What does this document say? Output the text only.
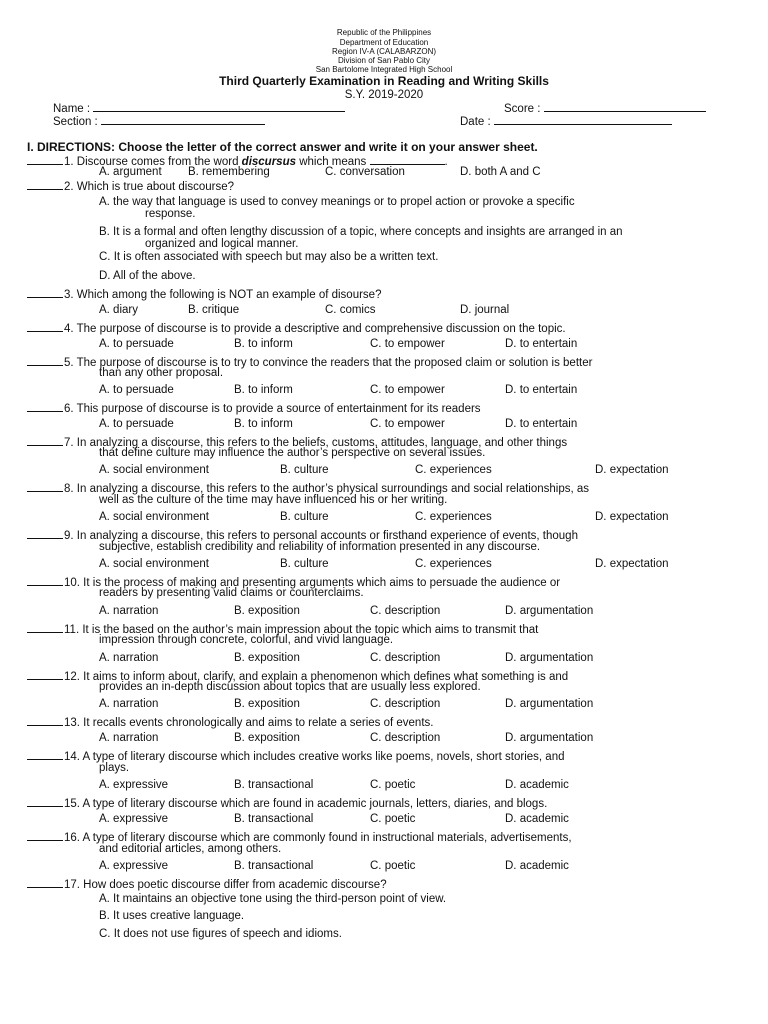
Republic of the Philippines
Department of Education
Region IV-A (CALABARZON)
Division of San Pablo City
San Bartolome Integrated High School
Third Quarterly Examination in Reading and Writing Skills
S.Y. 2019-2020
Name :	Score :
Section :	Date :
I. DIRECTIONS: Choose the letter of the correct answer and write it on your answer sheet.
1. Discourse comes from the word discursus which means	.
A. argument B. remembering	C. conversation	D. both A and C
2. Which is true about discourse?
A. the way that language is used to convey meanings or to propel action or provoke a specific
response.
B. It is a formal and often lengthy discussion of a topic, where concepts and insights are arranged in an
organized and logical manner.
C. It is often associated with speech but may also be a written text.
D. All of the above.
3. Which among the following is NOT an example of disourse?
A. diary	B. critique	C. comics	D. journal
4. The purpose of discourse is to provide a descriptive and comprehensive discussion on the topic.
A. to persuade	B. to inform	C. to empower	D. to entertain
5. The purpose of discourse is to try to convince the readers that the proposed claim or solution is better
than any other proposal.
A. to persuade	B. to inform	C. to empower	D. to entertain
6. This purpose of discourse is to provide a source of entertainment for its readers
A. to persuade	B. to inform	C. to empower	D. to entertain
7. In analyzing a discourse, this refers to the beliefs, customs, attitudes, language, and other things
that define culture may influence the author’s perspective on several issues.
A. social environment	B. culture	C. experiences	D. expectation
8. In analyzing a discourse, this refers to the author’s physical surroundings and social relationships, as
well as the culture of the time may have influenced his or her writing.
A. social environment	B. culture	C. experiences	D. expectation
9. In analyzing a discourse, this refers to personal accounts or firsthand experience of events, though
subjective, establish credibility and reliability of information presented in any discourse.
A. social environment	B. culture	C. experiences	D. expectation
10. It is the process of making and presenting arguments which aims to persuade the audience or
readers by presenting valid claims or counterclaims.
A. narration	B. exposition	C. description	D. argumentation
11. It is the based on the author’s main impression about the topic which aims to transmit that
impression through concrete, colorful, and vivid language.
A. narration	B. exposition	C. description	D. argumentation
12. It aims to inform about, clarify, and explain a phenomenon which defines what something is and
provides an in-depth discussion about topics that are usually less explored.
A. narration	B. exposition	C. description	D. argumentation
13. It recalls events chronologically and aims to relate a series of events.
A. narration	B. exposition	C. description	D. argumentation
14. A type of literary discourse which includes creative works like poems, novels, short stories, and
plays.
A. expressive	B. transactional	C. poetic	D. academic
15. A type of literary discourse which are found in academic journals, letters, diaries, and blogs.
A. expressive	B. transactional	C. poetic	D. academic
16. A type of literary discourse which are commonly found in instructional materials, advertisements,
and editorial articles, among others.
A. expressive	B. transactional	C. poetic	D. academic
17. How does poetic discourse differ from academic discourse?
A. It maintains an objective tone using the third-person point of view.
B. It uses creative language.
C. It does not use figures of speech and idioms.
